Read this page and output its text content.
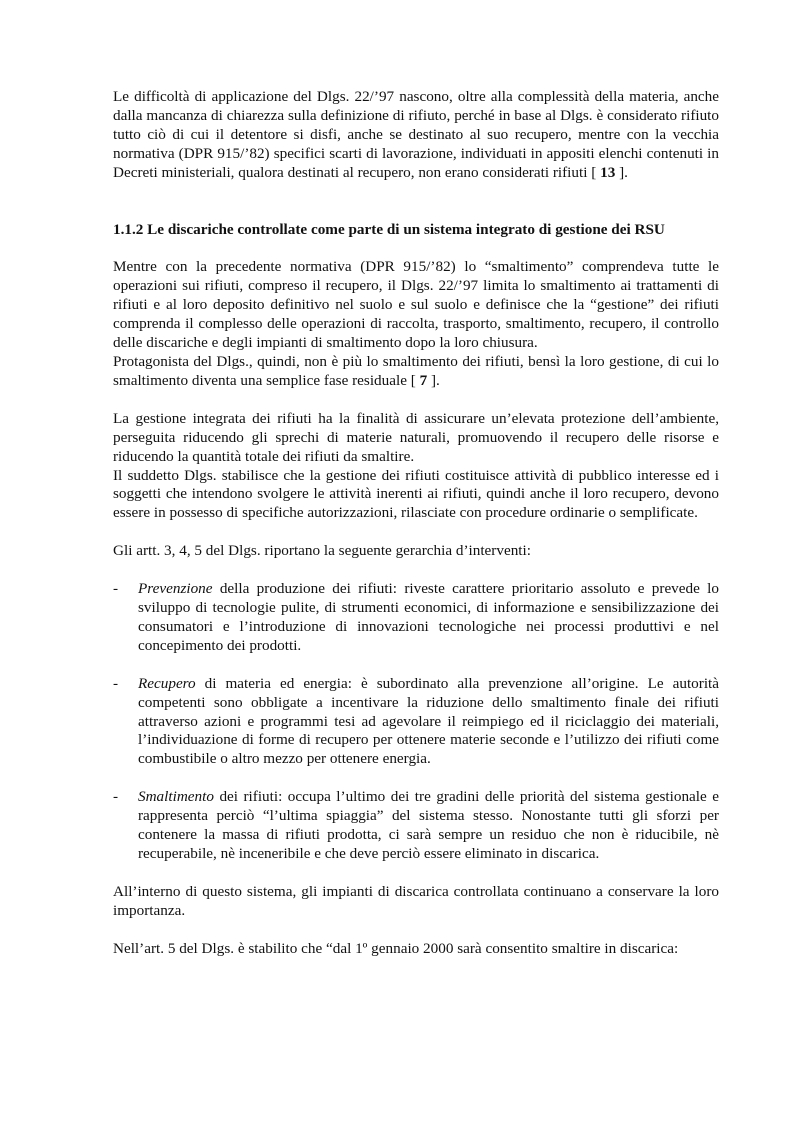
Le difficoltà di applicazione del Dlgs. 22/’97 nascono, oltre alla complessità della materia, anche dalla mancanza di chiarezza sulla definizione di rifiuto, perché in base al Dlgs. è considerato rifiuto tutto ciò di cui il detentore si disfi, anche se destinato al suo recupero, mentre con la vecchia normativa (DPR 915/’82) specifici scarti di lavorazione, individuati in appositi elenchi contenuti in Decreti ministeriali, qualora destinati al recupero, non erano considerati rifiuti [ 13 ].

1.1.2 Le discariche controllate come parte di un sistema integrato di gestione dei RSU

Mentre con la precedente normativa (DPR 915/’82) lo “smaltimento” comprendeva tutte le operazioni sui rifiuti, compreso il recupero, il Dlgs. 22/’97 limita lo smaltimento ai trattamenti di rifiuti e al loro deposito definitivo nel suolo e sul suolo e definisce che la “gestione” dei rifiuti comprenda il complesso delle operazioni di raccolta, trasporto, smaltimento, recupero, il controllo delle discariche e degli impianti di smaltimento dopo la loro chiusura.

Protagonista del Dlgs., quindi, non è più lo smaltimento dei rifiuti, bensì la loro gestione, di cui lo smaltimento diventa una semplice fase residuale [ 7 ].

La gestione integrata dei rifiuti ha la finalità di assicurare un’elevata protezione dell’ambiente, perseguita riducendo gli sprechi di materie naturali, promuovendo il recupero delle risorse e riducendo la quantità totale dei rifiuti da smaltire.

Il suddetto Dlgs. stabilisce che la gestione dei rifiuti costituisce attività di pubblico interesse ed i soggetti che intendono svolgere le attività inerenti ai rifiuti, quindi anche il loro recupero, devono essere in possesso di specifiche autorizzazioni, rilasciate con procedure ordinarie o semplificate.

Gli artt. 3, 4, 5 del Dlgs. riportano la seguente gerarchia d’interventi:

- Prevenzione della produzione dei rifiuti: riveste carattere prioritario assoluto e prevede lo sviluppo di tecnologie pulite, di strumenti economici, di informazione e sensibilizzazione dei consumatori e l’introduzione di innovazioni tecnologiche nei processi produttivi e nel concepimento dei prodotti.
- Recupero di materia ed energia: è subordinato alla prevenzione all’origine. Le autorità competenti sono obbligate a incentivare la riduzione dello smaltimento finale dei rifiuti attraverso azioni e programmi tesi ad agevolare il reimpiego ed il riciclaggio dei materiali, l’individuazione di forme di recupero per ottenere materie seconde e l’utilizzo dei rifiuti come combustibile o altro mezzo per ottenere energia.
- Smaltimento dei rifiuti: occupa l’ultimo dei tre gradini delle priorità del sistema gestionale e rappresenta perciò “l’ultima spiaggia” del sistema stesso. Nonostante tutti gli sforzi per contenere la massa di rifiuti prodotta, ci sarà sempre un residuo che non è riducibile, nè recuperabile, nè inceneribile e che deve perciò essere eliminato in discarica.

All’interno di questo sistema, gli impianti di discarica controllata continuano a conservare la loro importanza.

Nell’art. 5 del Dlgs. è stabilito che “dal 1º gennaio 2000 sarà consentito smaltire in discarica:
